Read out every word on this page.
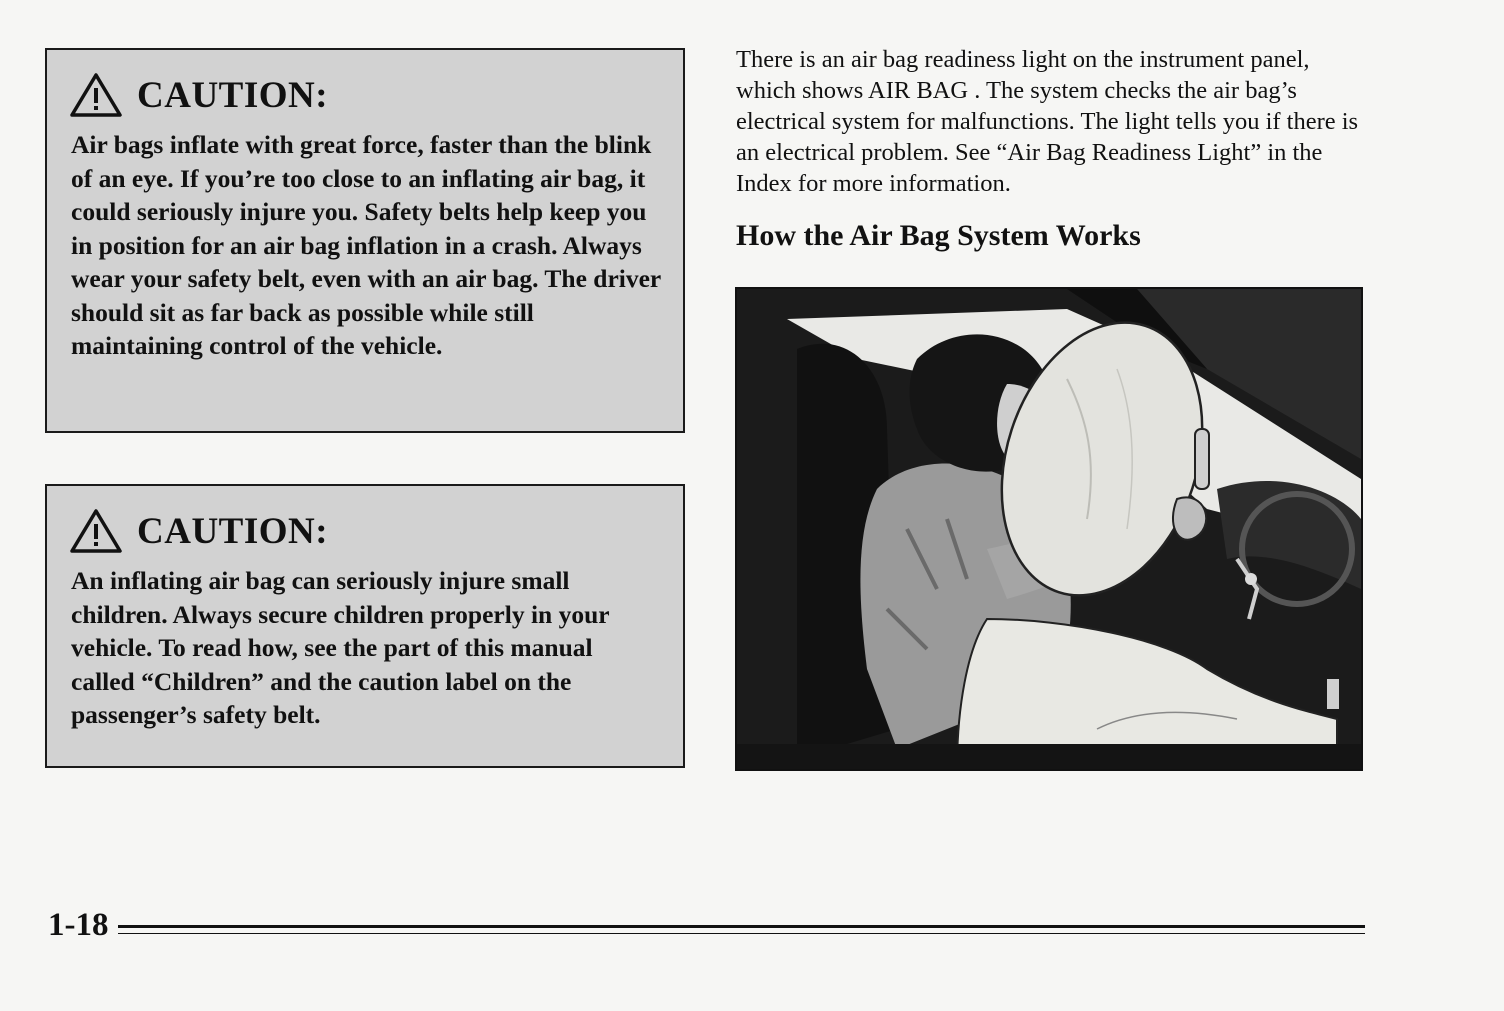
CAUTION:

Air bags inflate with great force, faster than the blink of an eye. If you’re too close to an inflating air bag, it could seriously injure you. Safety belts help keep you in position for an air bag inflation in a crash. Always wear your safety belt, even with an air bag. The driver should sit as far back as possible while still maintaining control of the vehicle.

CAUTION:

An inflating air bag can seriously injure small children. Always secure children properly in your vehicle. To read how, see the part of this manual called “Children” and the caution label on the passenger’s safety belt.

There is an air bag readiness light on the instrument panel, which shows AIR BAG . The system checks the air bag’s electrical system for malfunctions. The light tells you if there is an electrical problem. See “Air Bag Readiness Light” in the Index for more information.

How the Air Bag System Works
1-18
